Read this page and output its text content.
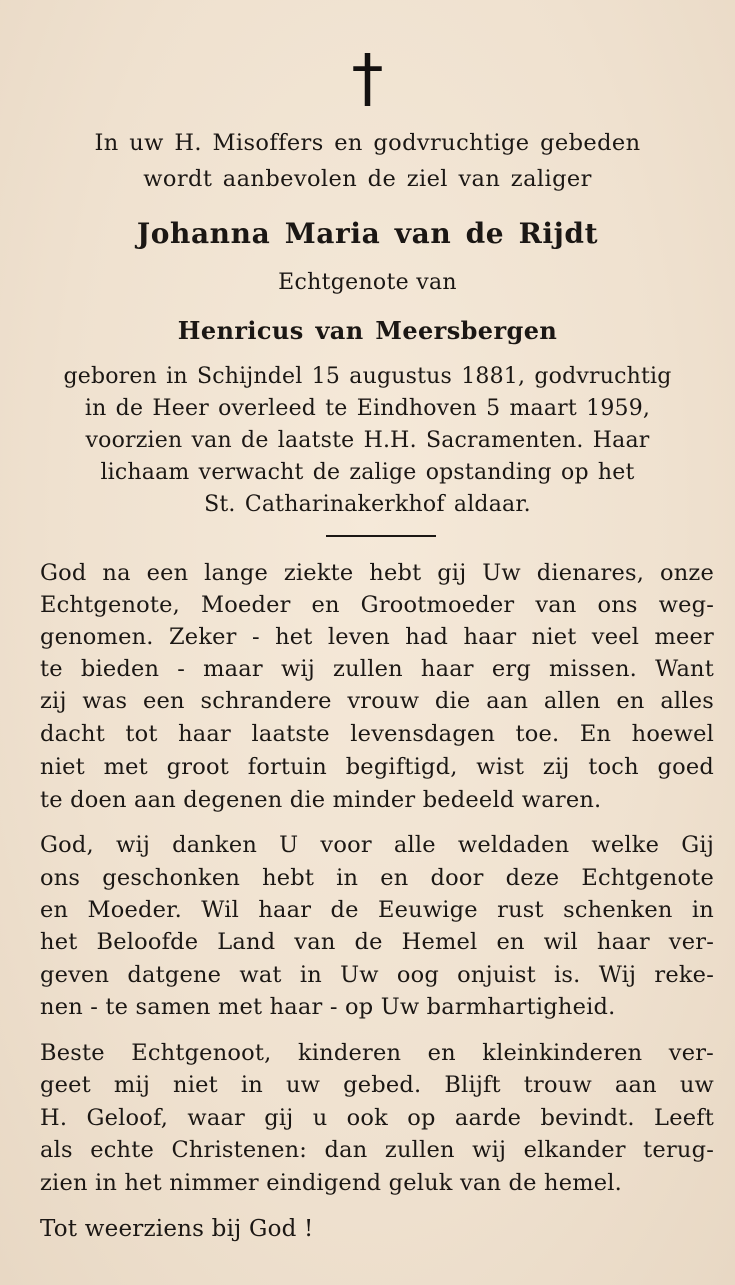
†
In uw H. Misoffers en godvruchtige gebeden
wordt aanbevolen de ziel van zaliger
Johanna Maria van de Rijdt
Echtgenote van
Henricus van Meersbergen
geboren in Schijndel 15 augustus 1881, godvruchtig
in de Heer overleed te Eindhoven 5 maart 1959,
voorzien van de laatste H.H. Sacramenten. Haar
lichaam verwacht de zalige opstanding op het
St. Catharinakerkhof aldaar.
God na een lange ziekte hebt gij Uw dienares, onze
Echtgenote, Moeder en Grootmoeder van ons weg-
genomen. Zeker - het leven had haar niet veel meer
te bieden - maar wij zullen haar erg missen. Want
zij was een schrandere vrouw die aan allen en alles
dacht tot haar laatste levensdagen toe. En hoewel
niet met groot fortuin begiftigd, wist zij toch goed
te doen aan degenen die minder bedeeld waren.
God, wij danken U voor alle weldaden welke Gij
ons geschonken hebt in en door deze Echtgenote
en Moeder. Wil haar de Eeuwige rust schenken in
het Beloofde Land van de Hemel en wil haar ver-
geven datgene wat in Uw oog onjuist is. Wij reke-
nen - te samen met haar - op Uw barmhartigheid.
Beste Echtgenoot, kinderen en kleinkinderen ver-
geet mij niet in uw gebed. Blijft trouw aan uw
H. Geloof, waar gij u ook op aarde bevindt. Leeft
als echte Christenen: dan zullen wij elkander terug-
zien in het nimmer eindigend geluk van de hemel.
Tot weerziens bij God !
